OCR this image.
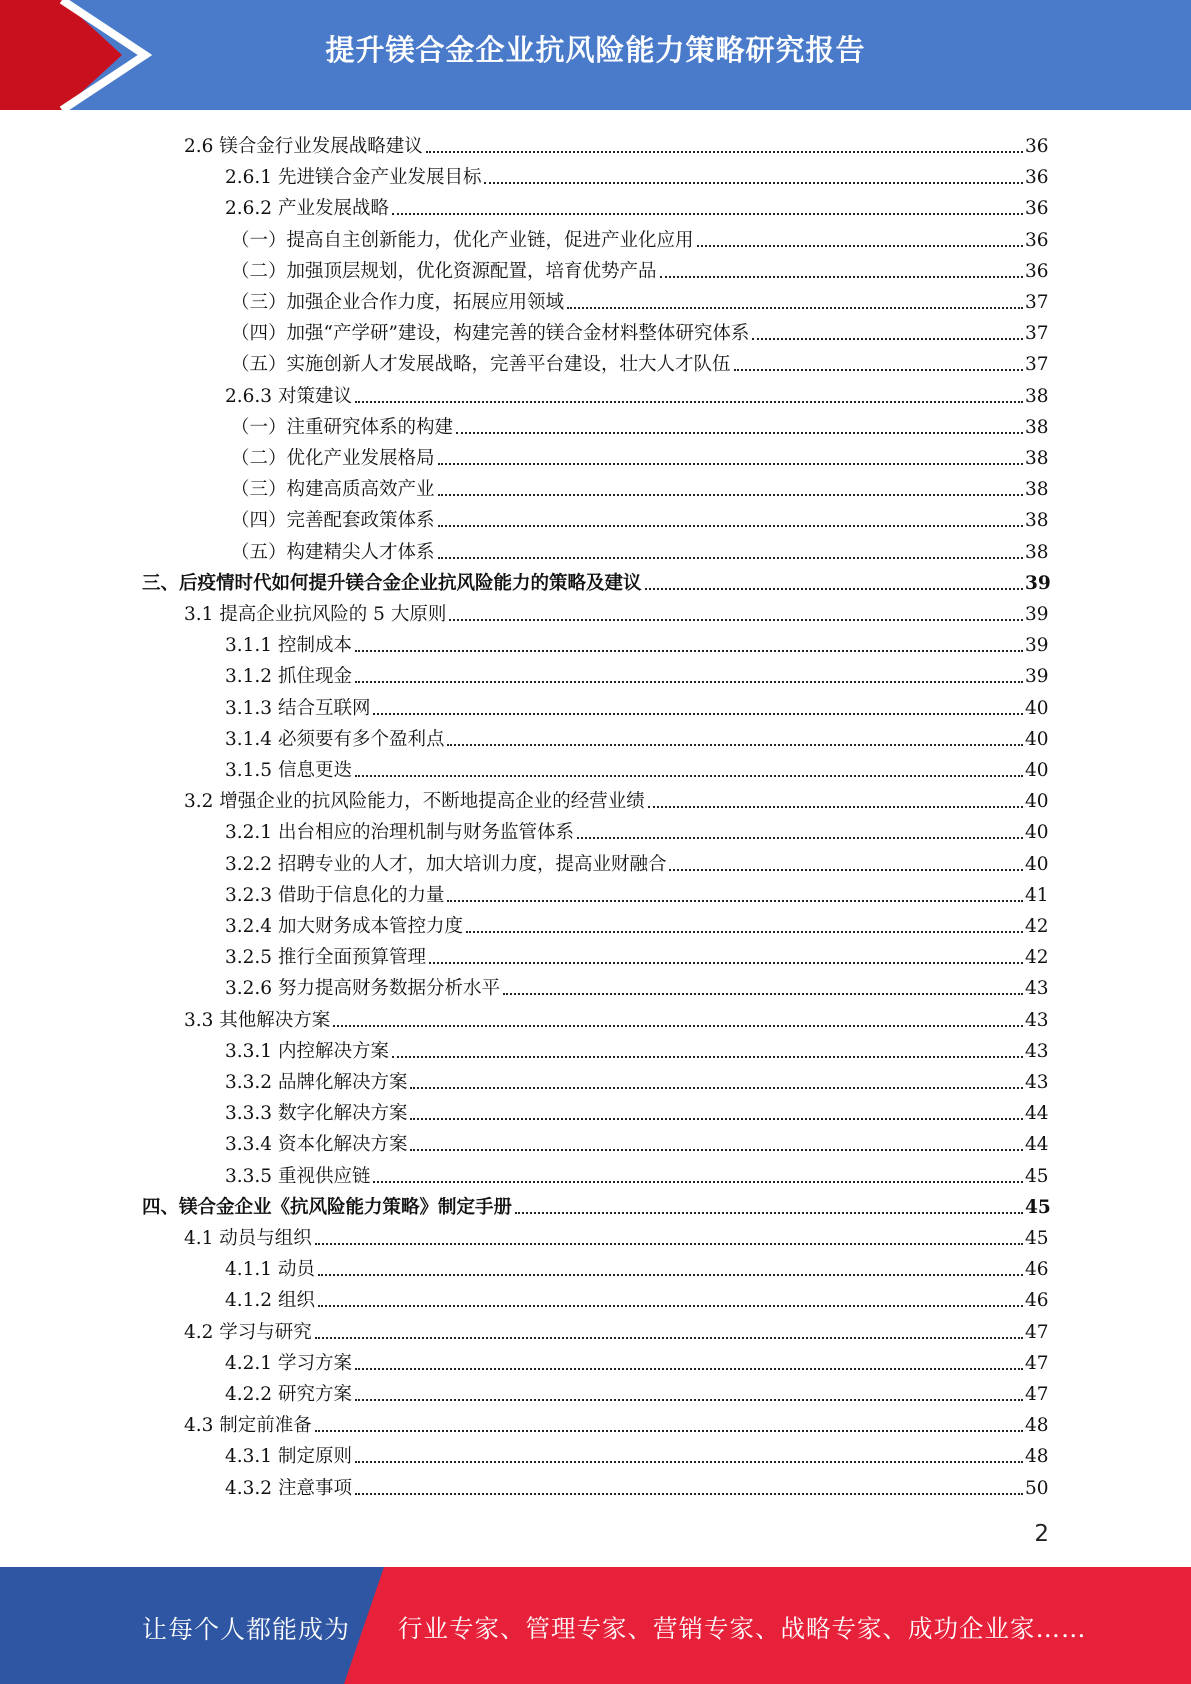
提升镁合金企业抗风险能力策略研究报告
2.6 镁合金行业发展战略建议	36
2.6.1 先进镁合金产业发展目标	36
2.6.2 产业发展战略	36
（一）提高自主创新能力，优化产业链，促进产业化应用	36
（二）加强顶层规划，优化资源配置，培育优势产品	36
（三）加强企业合作力度，拓展应用领域	37
（四）加强“产学研”建设，构建完善的镁合金材料整体研究体系	37
（五）实施创新人才发展战略，完善平台建设，壮大人才队伍	37
2.6.3 对策建议	38
（一）注重研究体系的构建	38
（二）优化产业发展格局	38
（三）构建高质高效产业	38
（四）完善配套政策体系	38
（五）构建精尖人才体系	38
三、后疫情时代如何提升镁合金企业抗风险能力的策略及建议	39
3.1 提高企业抗风险的 5 大原则	39
3.1.1 控制成本	39
3.1.2 抓住现金	39
3.1.3 结合互联网	40
3.1.4 必须要有多个盈利点	40
3.1.5 信息更迭	40
3.2 增强企业的抗风险能力，不断地提高企业的经营业绩	40
3.2.1 出台相应的治理机制与财务监管体系	40
3.2.2 招聘专业的人才，加大培训力度，提高业财融合	40
3.2.3 借助于信息化的力量	41
3.2.4 加大财务成本管控力度	42
3.2.5 推行全面预算管理	42
3.2.6 努力提高财务数据分析水平	43
3.3 其他解决方案	43
3.3.1 内控解决方案	43
3.3.2 品牌化解决方案	43
3.3.3 数字化解决方案	44
3.3.4 资本化解决方案	44
3.3.5 重视供应链	45
四、镁合金企业《抗风险能力策略》制定手册	45
4.1 动员与组织	45
4.1.1 动员	46
4.1.2 组织	46
4.2 学习与研究	47
4.2.1 学习方案	47
4.2.2 研究方案	47
4.3 制定前准备	48
4.3.1 制定原则	48
4.3.2 注意事项	50
2
让每个人都能成为 行业专家、管理专家、营销专家、战略专家、成功企业家……
